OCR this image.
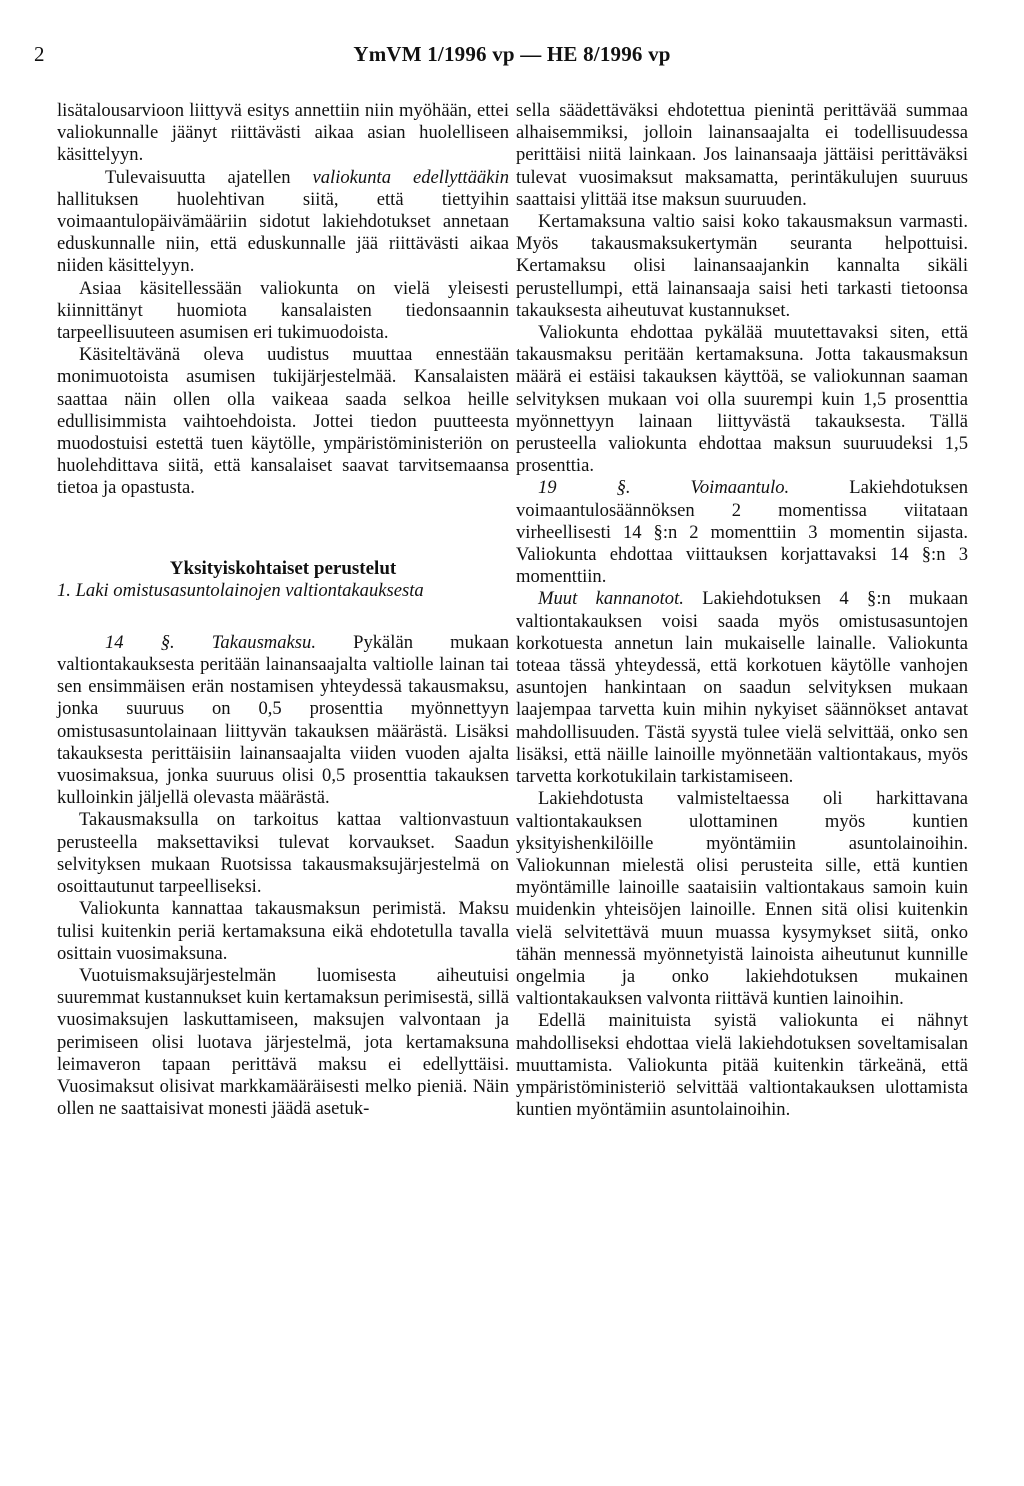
2	YmVM 1/1996 vp — HE 8/1996 vp

lisätalousarvioon liittyvä esitys annettiin niin myöhään, ettei valiokunnalle jäänyt riittävästi aikaa asian huolelliseen käsittelyyn.

Tulevaisuutta ajatellen valiokunta edellyttääkin hallituksen huolehtivan siitä, että tiettyihin voimaantulopäivämääriin sidotut lakiehdotukset annetaan eduskunnalle niin, että eduskunnalle jää riittävästi aikaa niiden käsittelyyn.

Asiaa käsitellessään valiokunta on vielä yleisesti kiinnittänyt huomiota kansalaisten tiedonsaannin tarpeellisuuteen asumisen eri tukimuodoista.

Käsiteltävänä oleva uudistus muuttaa ennestään monimuotoista asumisen tukijärjestelmää. Kansalaisten saattaa näin ollen olla vaikeaa saada selkoa heille edullisimmista vaihtoehdoista. Jottei tiedon puutteesta muodostuisi estettä tuen käytölle, ympäristöministeriön on huolehdittava siitä, että kansalaiset saavat tarvitsemaansa tietoa ja opastusta.

Yksityiskohtaiset perustelut

1. Laki omistusasuntolainojen valtiontakauksesta

14 §. Takausmaksu. Pykälän mukaan valtiontakauksesta peritään lainansaajalta valtiolle lainan tai sen ensimmäisen erän nostamisen yhteydessä takausmaksu, jonka suuruus on 0,5 prosenttia myönnettyyn omistusasuntolainaan liittyvän takauksen määrästä. Lisäksi takauksesta perittäisiin lainansaajalta viiden vuoden ajalta vuosimaksua, jonka suuruus olisi 0,5 prosenttia takauksen kulloinkin jäljellä olevasta määrästä.

Takausmaksulla on tarkoitus kattaa valtionvastuun perusteella maksettaviksi tulevat korvaukset. Saadun selvityksen mukaan Ruotsissa takausmaksujärjestelmä on osoittautunut tarpeelliseksi.

Valiokunta kannattaa takausmaksun perimistä. Maksu tulisi kuitenkin periä kertamaksuna eikä ehdotetulla tavalla osittain vuosimaksuna.

Vuotuismaksujärjestelmän luomisesta aiheutuisi suuremmat kustannukset kuin kertamaksun perimisestä, sillä vuosimaksujen laskuttamiseen, maksujen valvontaan ja perimiseen olisi luotava järjestelmä, jota kertamaksuna leimaveron tapaan perittävä maksu ei edellyttäisi. Vuosimaksut olisivat markkamääräisesti melko pieniä. Näin ollen ne saattaisivat monesti jäädä asetuk-

sella säädettäväksi ehdotettua pienintä perittävää summaa alhaisemmiksi, jolloin lainansaajalta ei todellisuudessa perittäisi niitä lainkaan. Jos lainansaaja jättäisi perittäväksi tulevat vuosimaksut maksamatta, perintäkulujen suuruus saattaisi ylittää itse maksun suuruuden.

Kertamaksuna valtio saisi koko takausmaksun varmasti. Myös takausmaksukertymän seuranta helpottuisi. Kertamaksu olisi lainansaajankin kannalta sikäli perustellumpi, että lainansaaja saisi heti tarkasti tietoonsa takauksesta aiheutuvat kustannukset.

Valiokunta ehdottaa pykälää muutettavaksi siten, että takausmaksu peritään kertamaksuna. Jotta takausmaksun määrä ei estäisi takauksen käyttöä, se valiokunnan saaman selvityksen mukaan voi olla suurempi kuin 1,5 prosenttia myönnettyyn lainaan liittyvästä takauksesta. Tällä perusteella valiokunta ehdottaa maksun suuruudeksi 1,5 prosenttia.

19 §. Voimaantulo. Lakiehdotuksen voimaantulosäännöksen 2 momentissa viitataan virheellisesti 14 §:n 2 momenttiin 3 momentin sijasta. Valiokunta ehdottaa viittauksen korjattavaksi 14 §:n 3 momenttiin.

Muut kannanotot. Lakiehdotuksen 4 §:n mukaan valtiontakauksen voisi saada myös omistusasuntojen korkotuesta annetun lain mukaiselle lainalle. Valiokunta toteaa tässä yhteydessä, että korkotuen käytölle vanhojen asuntojen hankintaan on saadun selvityksen mukaan laajempaa tarvetta kuin mihin nykyiset säännökset antavat mahdollisuuden. Tästä syystä tulee vielä selvittää, onko sen lisäksi, että näille lainoille myönnetään valtiontakaus, myös tarvetta korkotukilain tarkistamiseen.

Lakiehdotusta valmisteltaessa oli harkittavana valtiontakauksen ulottaminen myös kuntien yksityishenkilöille myöntämiin asuntolainoihin. Valiokunnan mielestä olisi perusteita sille, että kuntien myöntämille lainoille saataisiin valtiontakaus samoin kuin muidenkin yhteisöjen lainoille. Ennen sitä olisi kuitenkin vielä selvitettävä muun muassa kysymykset siitä, onko tähän mennessä myönnetyistä lainoista aiheutunut kunnille ongelmia ja onko lakiehdotuksen mukainen valtiontakauksen valvonta riittävä kuntien lainoihin.

Edellä mainituista syistä valiokunta ei nähnyt mahdolliseksi ehdottaa vielä lakiehdotuksen soveltamisalan muuttamista. Valiokunta pitää kuitenkin tärkeänä, että ympäristöministeriö selvittää valtiontakauksen ulottamista kuntien myöntämiin asuntolainoihin.
